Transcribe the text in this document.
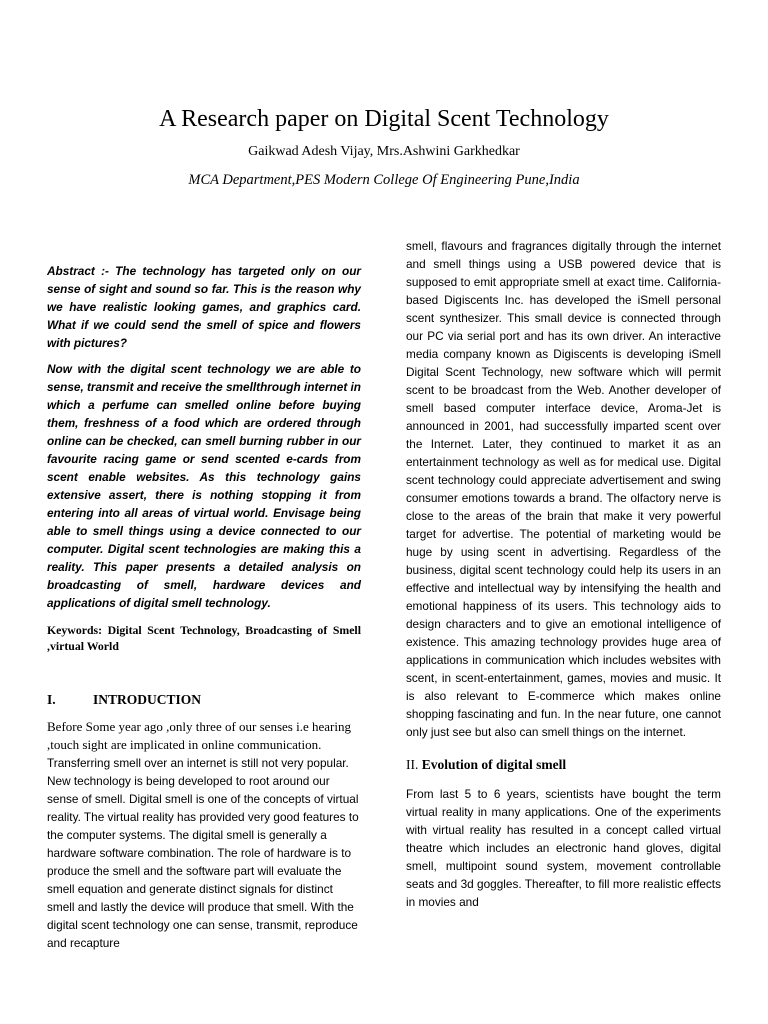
A Research paper on Digital Scent Technology
Gaikwad Adesh Vijay, Mrs.Ashwini Garkhedkar
MCA Department,PES Modern College Of Engineering Pune,India

Abstract :- The technology has targeted only on our sense of sight and sound so far. This is the reason why we have realistic looking games, and graphics card. What if we could send the smell of spice and flowers with pictures?

Now with the digital scent technology we are able to sense, transmit and receive the smellthrough internet in which a perfume can smelled online before buying them, freshness of a food which are ordered through online can be checked, can smell burning rubber in our favourite racing game or send scented e-cards from scent enable websites. As this technology gains extensive assert, there is nothing stopping it from entering into all areas of virtual world. Envisage being able to smell things using a device connected to our computer. Digital scent technologies are making this a reality. This paper presents a detailed analysis on broadcasting of smell, hardware devices and applications of digital smell technology.

Keywords: Digital Scent Technology, Broadcasting of Smell ,virtual World

I.	INTRODUCTION
Before Some year ago ,only three of our senses i.e hearing ,touch sight are implicated in online communication. Transferring smell over an internet is still not very popular. New technology is being developed to root around our sense of smell. Digital smell is one of the concepts of virtual reality. The virtual reality has provided very good features to the computer systems. The digital smell is generally a hardware software combination. The role of hardware is to produce the smell and the software part will evaluate the smell equation and generate distinct signals for distinct smell and lastly the device will produce that smell. With the digital scent technology one can sense, transmit, reproduce and recapture

smell, flavours and fragrances digitally through the internet and smell things using a USB powered device that is supposed to emit appropriate smell at exact time. California-based Digiscents Inc. has developed the iSmell personal scent synthesizer. This small device is connected through our PC via serial port and has its own driver. An interactive media company known as Digiscents is developing iSmell Digital Scent Technology, new software which will permit scent to be broadcast from the Web. Another developer of smell based computer interface device, Aroma-Jet is announced in 2001, had successfully imparted scent over the Internet. Later, they continued to market it as an entertainment technology as well as for medical use. Digital scent technology could appreciate advertisement and swing consumer emotions towards a brand. The olfactory nerve is close to the areas of the brain that make it very powerful target for advertise. The potential of marketing would be huge by using scent in advertising. Regardless of the business, digital scent technology could help its users in an effective and intellectual way by intensifying the health and emotional happiness of its users. This technology aids to design characters and to give an emotional intelligence of existence. This amazing technology provides huge area of applications in communication which includes websites with scent, in scent-entertainment, games, movies and music. It is also relevant to E-commerce which makes online shopping fascinating and fun. In the near future, one cannot only just see but also can smell things on the internet.

II. Evolution of digital smell

From last 5 to 6 years, scientists have bought the term virtual reality in many applications. One of the experiments with virtual reality has resulted in a concept called virtual theatre which includes an electronic hand gloves, digital smell, multipoint sound system, movement controllable seats and 3d goggles. Thereafter, to fill more realistic effects in movies and
